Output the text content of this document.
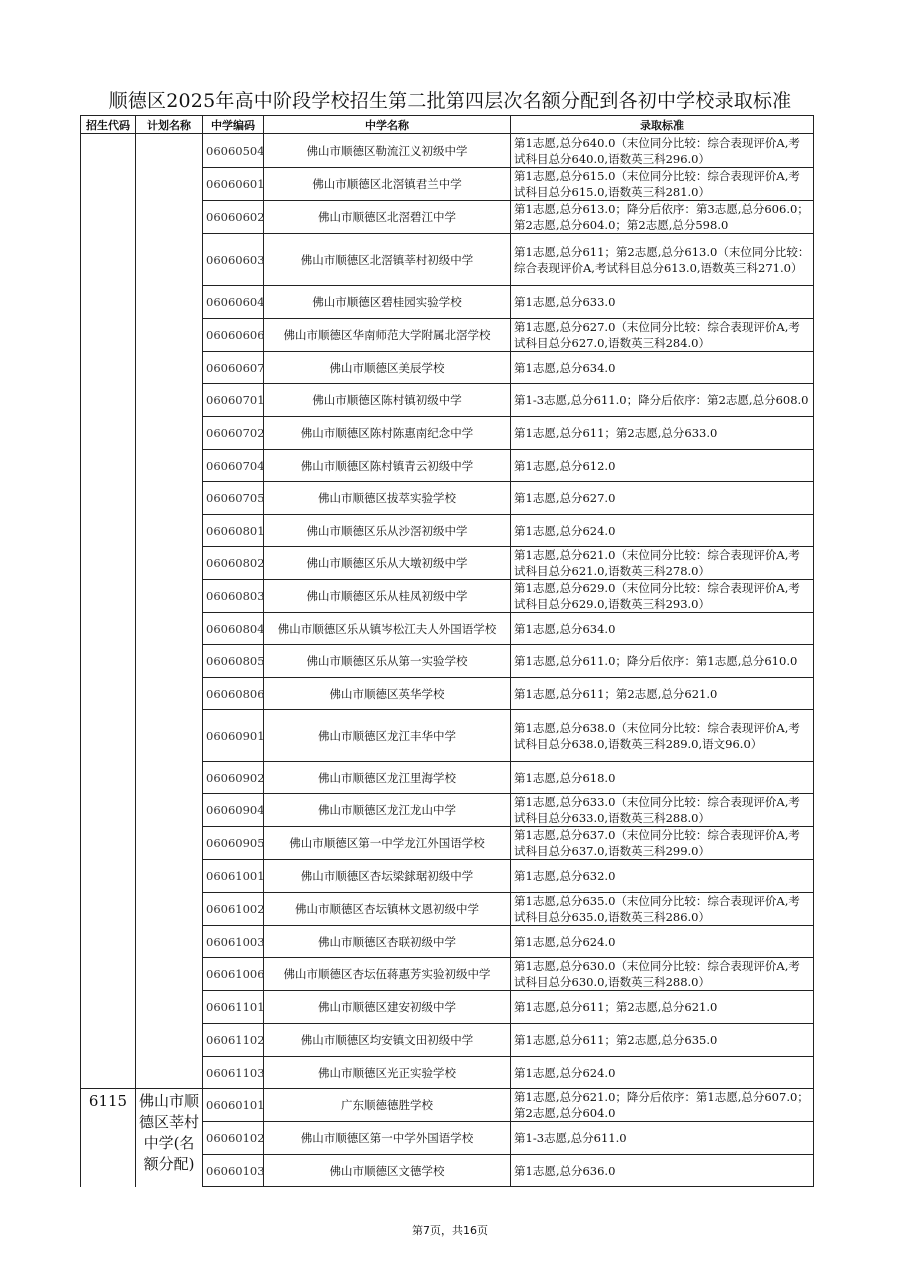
顺德区2025年高中阶段学校招生第二批第四层次名额分配到各初中学校录取标准
招生代码	计划名称	中学编码	中学名称	录取标准
		06060504	佛山市顺德区勒流江义初级中学	第1志愿,总分640.0（末位同分比较：综合表现评价A,考试科目总分640.0,语数英三科296.0）
		06060601	佛山市顺德区北滘镇君兰中学	第1志愿,总分615.0（末位同分比较：综合表现评价A,考试科目总分615.0,语数英三科281.0）
		06060602	佛山市顺德区北滘碧江中学	第1志愿,总分613.0；降分后依序：第3志愿,总分606.0；第2志愿,总分604.0；第2志愿,总分598.0
		06060603	佛山市顺德区北滘镇莘村初级中学	第1志愿,总分611；第2志愿,总分613.0（末位同分比较：综合表现评价A,考试科目总分613.0,语数英三科271.0）
		06060604	佛山市顺德区碧桂园实验学校	第1志愿,总分633.0
		06060606	佛山市顺德区华南师范大学附属北滘学校	第1志愿,总分627.0（末位同分比较：综合表现评价A,考试科目总分627.0,语数英三科284.0）
		06060607	佛山市顺德区美辰学校	第1志愿,总分634.0
		06060701	佛山市顺德区陈村镇初级中学	第1-3志愿,总分611.0；降分后依序：第2志愿,总分608.0
		06060702	佛山市顺德区陈村陈惠南纪念中学	第1志愿,总分611；第2志愿,总分633.0
		06060704	佛山市顺德区陈村镇青云初级中学	第1志愿,总分612.0
		06060705	佛山市顺德区拔萃实验学校	第1志愿,总分627.0
		06060801	佛山市顺德区乐从沙滘初级中学	第1志愿,总分624.0
		06060802	佛山市顺德区乐从大墩初级中学	第1志愿,总分621.0（末位同分比较：综合表现评价A,考试科目总分621.0,语数英三科278.0）
		06060803	佛山市顺德区乐从桂凤初级中学	第1志愿,总分629.0（末位同分比较：综合表现评价A,考试科目总分629.0,语数英三科293.0）
		06060804	佛山市顺德区乐从镇岑松江夫人外国语学校	第1志愿,总分634.0
		06060805	佛山市顺德区乐从第一实验学校	第1志愿,总分611.0；降分后依序：第1志愿,总分610.0
		06060806	佛山市顺德区英华学校	第1志愿,总分611；第2志愿,总分621.0
		06060901	佛山市顺德区龙江丰华中学	第1志愿,总分638.0（末位同分比较：综合表现评价A,考试科目总分638.0,语数英三科289.0,语文96.0）
		06060902	佛山市顺德区龙江里海学校	第1志愿,总分618.0
		06060904	佛山市顺德区龙江龙山中学	第1志愿,总分633.0（末位同分比较：综合表现评价A,考试科目总分633.0,语数英三科288.0）
		06060905	佛山市顺德区第一中学龙江外国语学校	第1志愿,总分637.0（末位同分比较：综合表现评价A,考试科目总分637.0,语数英三科299.0）
		06061001	佛山市顺德区杏坛梁銶琚初级中学	第1志愿,总分632.0
		06061002	佛山市顺德区杏坛镇林文恩初级中学	第1志愿,总分635.0（末位同分比较：综合表现评价A,考试科目总分635.0,语数英三科286.0）
		06061003	佛山市顺德区杏联初级中学	第1志愿,总分624.0
		06061006	佛山市顺德区杏坛伍蒋惠芳实验初级中学	第1志愿,总分630.0（末位同分比较：综合表现评价A,考试科目总分630.0,语数英三科288.0）
		06061101	佛山市顺德区建安初级中学	第1志愿,总分611；第2志愿,总分621.0
		06061102	佛山市顺德区均安镇文田初级中学	第1志愿,总分611；第2志愿,总分635.0
		06061103	佛山市顺德区光正实验学校	第1志愿,总分624.0
6115	佛山市顺德区莘村中学(名额分配)	06060101	广东顺德德胜学校	第1志愿,总分621.0；降分后依序：第1志愿,总分607.0；第2志愿,总分604.0
		06060102	佛山市顺德区第一中学外国语学校	第1-3志愿,总分611.0
		06060103	佛山市顺德区文德学校	第1志愿,总分636.0
第7页，共16页
